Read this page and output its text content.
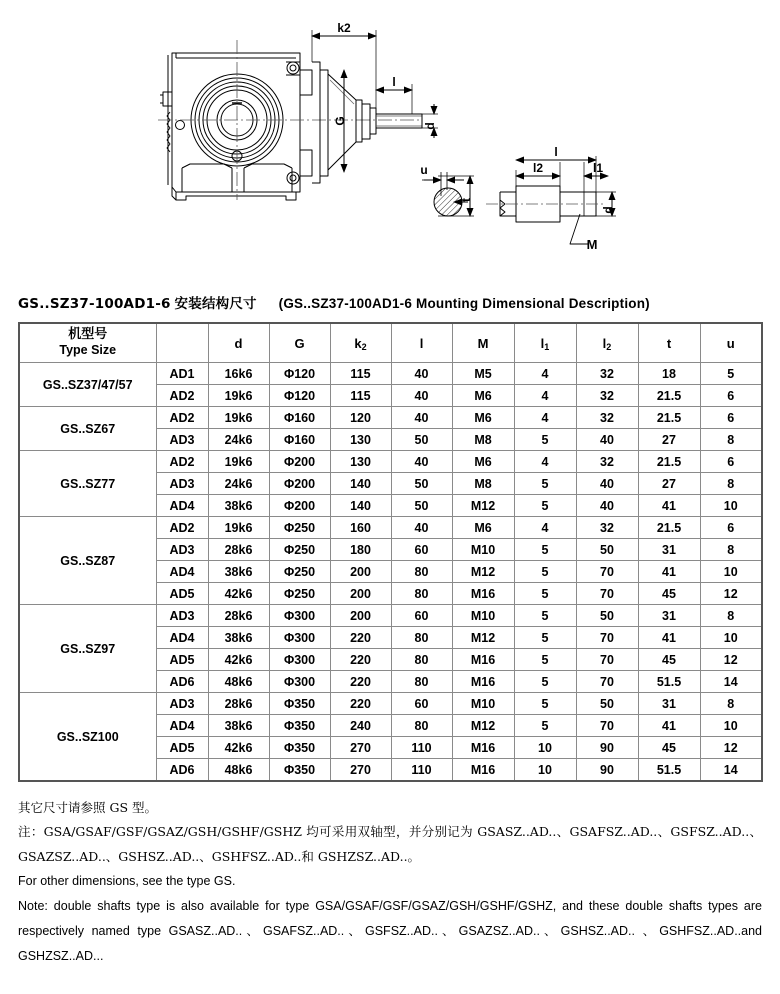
k2
l
G
d
u
t
l
l2	l1
d
M
GS..SZ37-100AD1-6 安装结构尺寸 (GS..SZ37-100AD1-6 Mounting Dimensional Description)
机型号
Type Size		d	G	$k_2$	l	M	$l_1$	$l_2$	t	u
GS..SZ37/47/57	AD1	16k6	Φ120	115	40	M5	4	32	18	5
	AD2	19k6	Φ120	115	40	M6	4	32	21.5	6
GS..SZ67	AD2	19k6	Φ160	120	40	M6	4	32	21.5	6
	AD3	24k6	Φ160	130	50	M8	5	40	27	8
GS..SZ77	AD2	19k6	Φ200	130	40	M6	4	32	21.5	6
	AD3	24k6	Φ200	140	50	M8	5	40	27	8
	AD4	38k6	Φ200	140	50	M12	5	40	41	10
GS..SZ87	AD2	19k6	Φ250	160	40	M6	4	32	21.5	6
	AD3	28k6	Φ250	180	60	M10	5	50	31	8
	AD4	38k6	Φ250	200	80	M12	5	70	41	10
	AD5	42k6	Φ250	200	80	M16	5	70	45	12
GS..SZ97	AD3	28k6	Φ300	200	60	M10	5	50	31	8
	AD4	38k6	Φ300	220	80	M12	5	70	41	10
	AD5	42k6	Φ300	220	80	M16	5	70	45	12
	AD6	48k6	Φ300	220	80	M16	5	70	51.5	14
GS..SZ100	AD3	28k6	Φ350	220	60	M10	5	50	31	8
	AD4	38k6	Φ350	240	80	M12	5	70	41	10
	AD5	42k6	Φ350	270	110	M16	10	90	45	12
	AD6	48k6	Φ350	270	110	M16	10	90	51.5	14

其它尺寸请参照 GS 型。

注：GSA/GSAF/GSF/GSAZ/GSH/GSHF/GSHZ 均可采用双轴型，并分别记为 GSASZ..AD..、GSAFSZ..AD..、GSFSZ..AD..、GSAZSZ..AD..、GSHSZ..AD..、GSHFSZ..AD..和 GSHZSZ..AD..。

For other dimensions, see the type GS.

Note: double shafts type is also available for type GSA/GSAF/GSF/GSAZ/GSH/GSHF/GSHZ, and these double shafts types are respectively named type GSASZ..AD..、GSAFSZ..AD..、GSFSZ..AD..、GSAZSZ..AD..、GSHSZ..AD.. 、GSHFSZ..AD..and GSHZSZ..AD...
